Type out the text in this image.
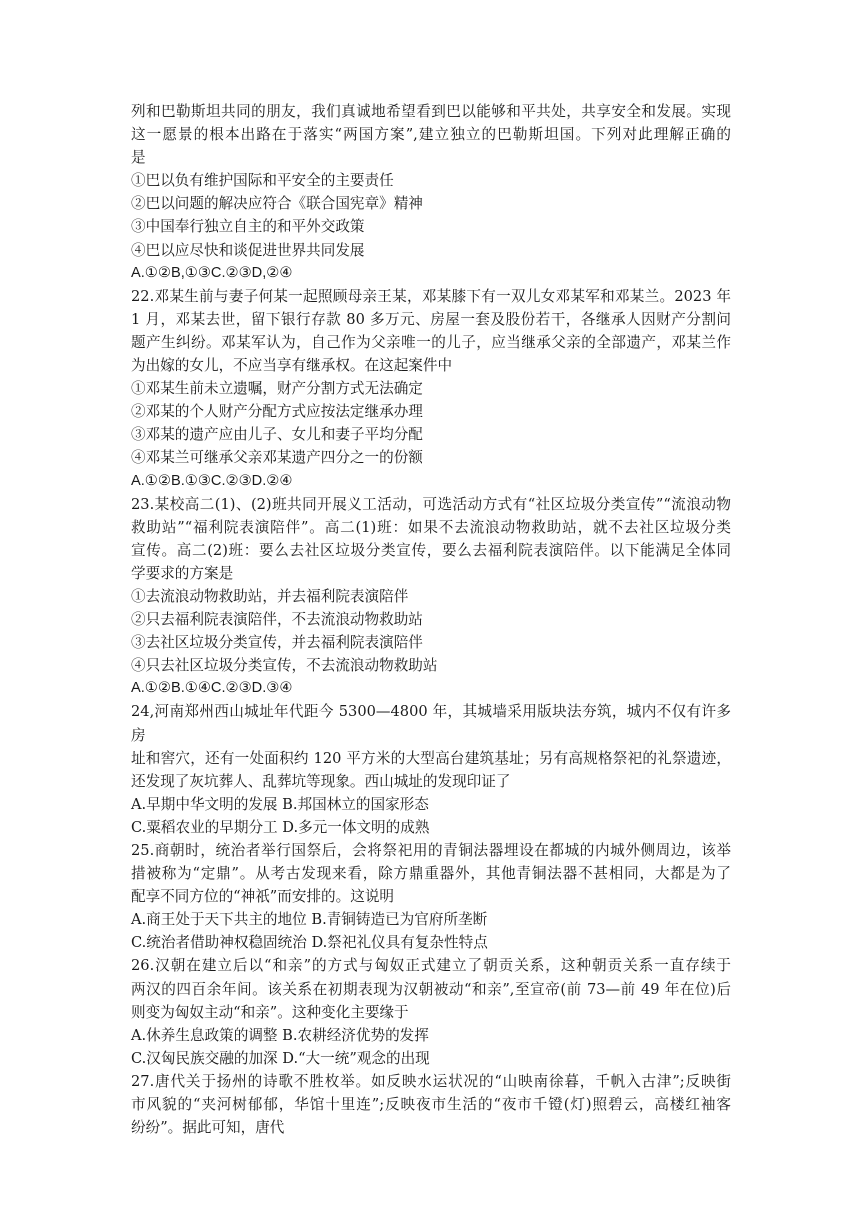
列和巴勒斯坦共同的朋友，我们真诚地希望看到巴以能够和平共处，共享安全和发展。实现
这一愿景的根本出路在于落实“两国方案”,建立独立的巴勒斯坦国。下列对此理解正确的
是
①巴以负有维护国际和平安全的主要责任
②巴以问题的解决应符合《联合国宪章》精神
③中国奉行独立自主的和平外交政策
④巴以应尽快和谈促进世界共同发展
A.①②B,①③C.②③D,②④
22.邓某生前与妻子何某一起照顾母亲王某，邓某膝下有一双儿女邓某军和邓某兰。2023 年
1 月，邓某去世，留下银行存款 80 多万元、房屋一套及股份若干，各继承人因财产分割问
题产生纠纷。邓某军认为，自己作为父亲唯一的儿子，应当继承父亲的全部遗产，邓某兰作
为出嫁的女儿，不应当享有继承权。在这起案件中
①邓某生前未立遗嘱，财产分割方式无法确定
②邓某的个人财产分配方式应按法定继承办理
③邓某的遗产应由儿子、女儿和妻子平均分配
④邓某兰可继承父亲邓某遗产四分之一的份额
A.①②B.①③C.②③D.②④
23.某校高二(1)、(2)班共同开展义工活动，可选活动方式有“社区垃圾分类宣传”“流浪动物
救助站”“福利院表演陪伴”。高二(1)班：如果不去流浪动物救助站，就不去社区垃圾分类
宣传。高二(2)班：要么去社区垃圾分类宣传，要么去福利院表演陪伴。以下能满足全体同
学要求的方案是
①去流浪动物救助站，并去福利院表演陪伴
②只去福利院表演陪伴，不去流浪动物救助站
③去社区垃圾分类宣传，并去福利院表演陪伴
④只去社区垃圾分类宣传，不去流浪动物救助站
A.①②B.①④C.②③D.③④
24,河南郑州西山城址年代距今 5300—4800 年，其城墙采用版块法夯筑，城内不仅有许多房
址和窖穴，还有一处面积约 120 平方米的大型高台建筑基址；另有高规格祭祀的礼祭遗迹，
还发现了灰坑葬人、乱葬坑等现象。西山城址的发现印证了
A.早期中华文明的发展 B.邦国林立的国家形态
C.粟稻农业的早期分工 D.多元一体文明的成熟
25.商朝时，统治者举行国祭后，会将祭祀用的青铜法器埋设在都城的内城外侧周边，该举
措被称为“定鼎”。从考古发现来看，除方鼎重器外，其他青铜法器不甚相同，大都是为了
配享不同方位的“神祇”而安排的。这说明
A.商王处于天下共主的地位 B.青铜铸造已为官府所垄断
C.统治者借助神权稳固统治 D.祭祀礼仪具有复杂性特点
26.汉朝在建立后以“和亲”的方式与匈奴正式建立了朝贡关系，这种朝贡关系一直存续于
两汉的四百余年间。该关系在初期表现为汉朝被动“和亲”,至宣帝(前 73—前 49 年在位)后
则变为匈奴主动“和亲”。这种变化主要缘于
A.休养生息政策的调整 B.农耕经济优势的发挥
C.汉匈民族交融的加深 D.“大一统”观念的出现
27.唐代关于扬州的诗歌不胜枚举。如反映水运状况的“山映南徐暮，千帆入古津”;反映街
市风貌的“夹河树郁郁，华馆十里连”;反映夜市生活的“夜市千镫(灯)照碧云，高楼红袖客
纷纷”。据此可知，唐代
